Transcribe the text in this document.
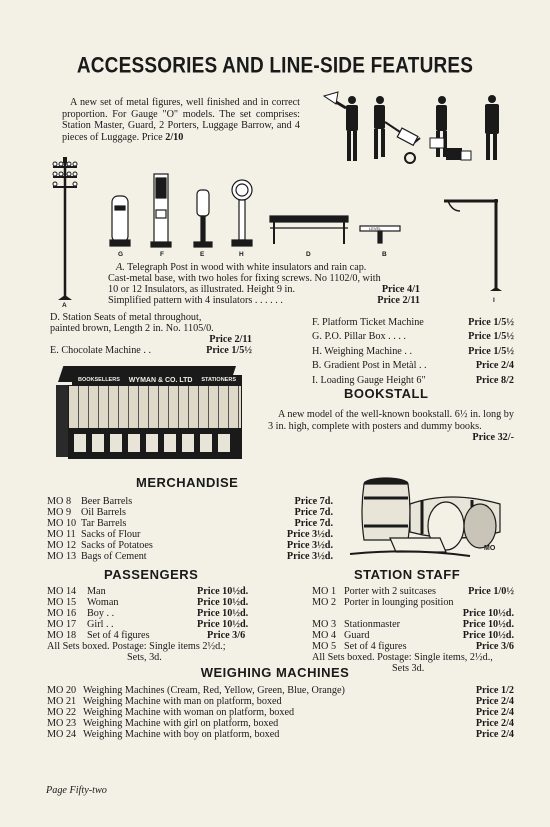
ACCESSORIES AND LINE-SIDE FEATURES
A new set of metal figures, well finished and in correct proportion. For Gauge "O" models. The set comprises: Station Master, Guard, 2 Porters, Luggage Barrow, and 4 pieces of Luggage. Price 2/10
A
LEVEL
G	F	E	H	D	B
I
A. Telegraph Post in wood with white insulators and rain cap.
Cast-metal base, with two holes for fixing screws. No 1102/0, with
10 or 12 Insulators, as illustrated. Height 9 in.	Price 4/1
Simplified pattern with 4 insulators . . . . . .	Price 2/11
D. Station Seats of metal throughout,
painted brown, Length 2 in. No. 1105/0.
Price 2/11
E. Chocolate Machine . .	Price 1/5½
F. Platform Ticket Machine	Price 1/5½
G. P.O. Pillar Box . . . .	Price 1/5½
H. Weighing Machine . .	Price 1/5½
B. Gradient Post in Metàl . .	Price 2/4
I. Loading Gauge Height 6″	Price 8/2
BOOKSELLERS WYMAN & CO. LTD STATIONERS
BOOKSTALL
A new model of the well-known bookstall. 6½ in. long by 3 in. high, complete with posters and dummy books.
Price 32/-
MERCHANDISE
MO 8 Beer Barrels	Price 7d.
MO 9 Oil Barrels	Price 7d.
MO 10 Tar Barrels	Price 7d.
MO 11 Sacks of Flour	Price 3½d.
MO 12 Sacks of Potatoes	Price 3½d.
MO 13 Bags of Cement	Price 3½d.
MO
PASSENGERS
MO 14	Man	Price 10½d.
MO 15	Woman	Price 10½d.
MO 16	Boy . .	Price 10½d.
MO 17	Girl . .	Price 10½d.
MO 18	Set of 4 figures	Price 3/6
All Sets boxed. Postage: Single items 2½d.;
Sets, 3d.
STATION STAFF
MO 1 Porter with 2 suitcases	Price 1/0½
MO 2 Porter in lounging position
Price 10½d.
MO 3 Stationmaster	Price 10½d.
MO 4 Guard	Price 10½d.
MO 5 Set of 4 figures	Price 3/6
All Sets boxed. Postage: Single items, 2½d.,
Sets 3d.
WEIGHING MACHINES
MO 20 Weighing Machines (Cream, Red, Yellow, Green, Blue, Orange)	Price 1/2
MO 21 Weighing Machine with man on platform, boxed	Price 2/4
MO 22 Weighing Machine with woman on platform, boxed	Price 2/4
MO 23 Weighing Machine with girl on platform, boxed	Price 2/4
MO 24 Weighing Machine with boy on platform, boxed	Price 2/4
Page Fifty-two
